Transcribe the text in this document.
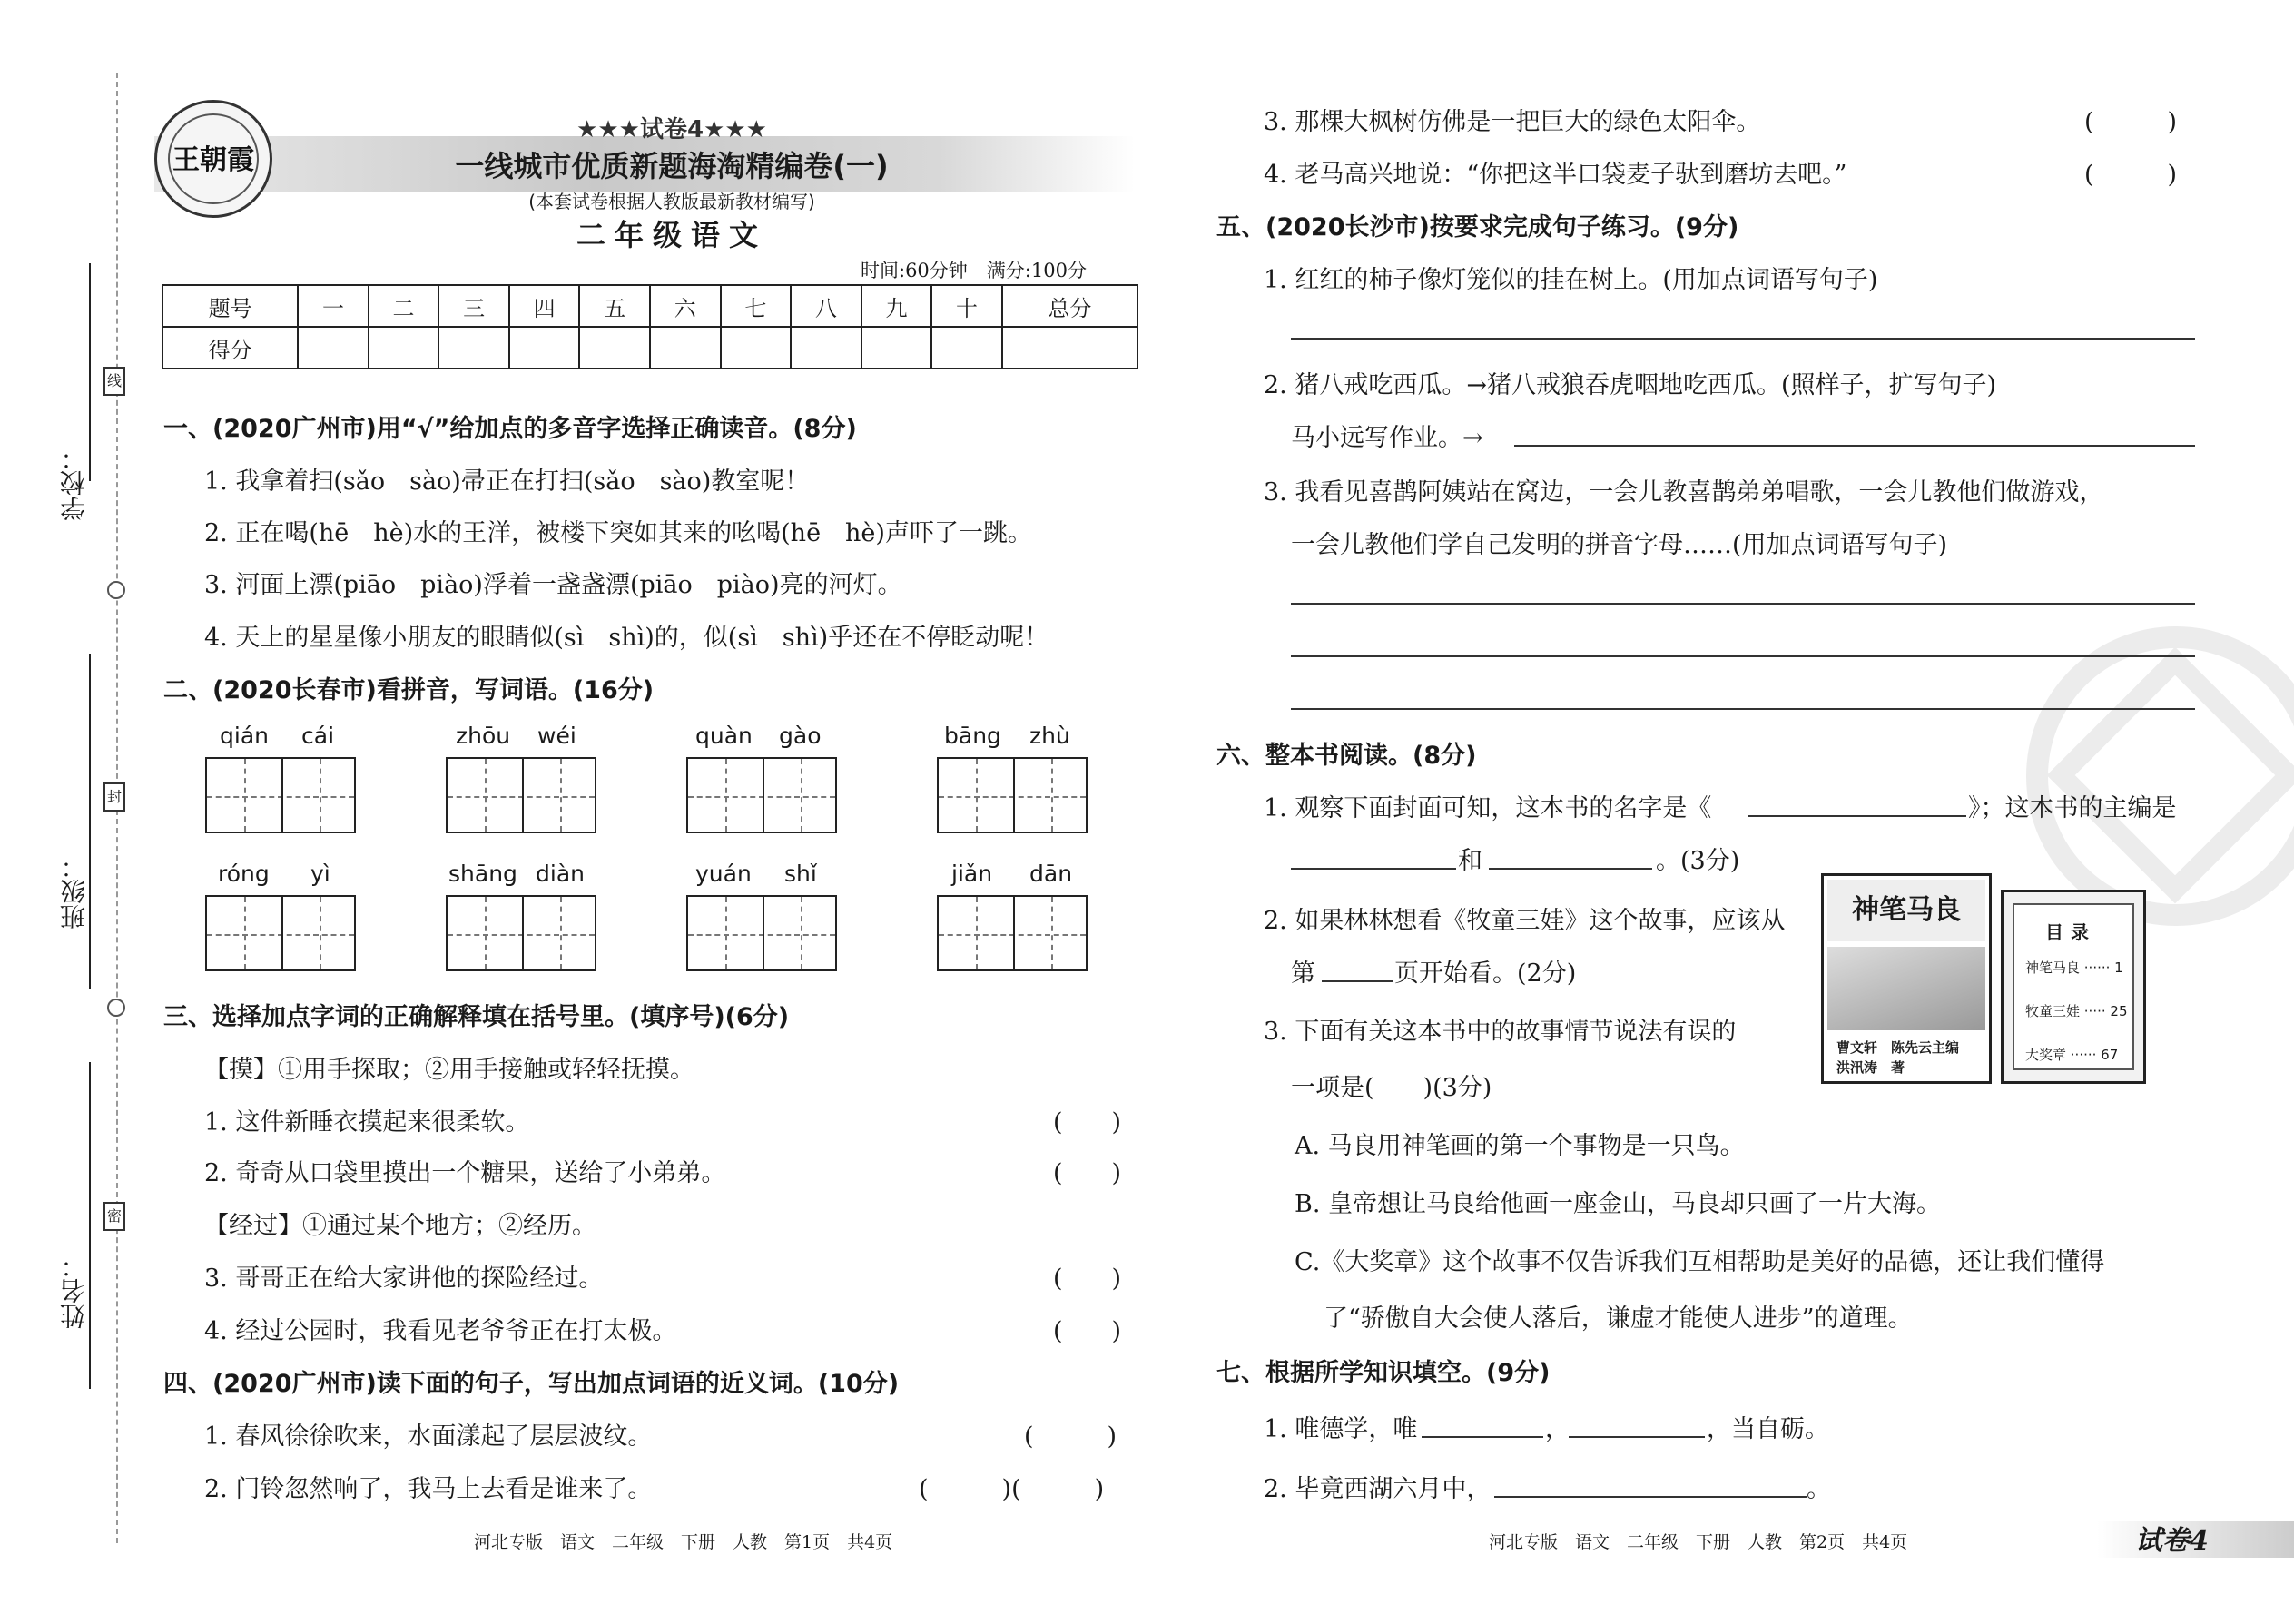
学校：
班级：
姓名：
线
封
密
王朝霞
★★★试卷4★★★
一线城市优质新题海淘精编卷(一)
(本套试卷根据人教版最新教材编写)
二年级语文
时间:60分钟　满分:100分
题号	一	二	三	四	五	六	七	八	九	十	总分
得分											
一、(2020广州市)用“√”给加点的多音字选择正确读音。(8分)
1. 我拿着扫(sǎo　sào)帚正在打扫(sǎo　sào)教室呢！
2. 正在喝(hē　hè)水的王洋，被楼下突如其来的吆喝(hē　hè)声吓了一跳。
3. 河面上漂(piāo　piào)浮着一盏盏漂(piāo　piào)亮的河灯。
4. 天上的星星像小朋友的眼睛似(sì　shì)的，似(sì　shì)乎还在不停眨动呢！
二、(2020长春市)看拼音，写词语。(16分)
qián cái	zhōu wéi	quàn gào	bāng zhù
róng yì	shāng diàn	yuán shǐ	jiǎn dān
三、选择加点字词的正确解释填在括号里。(填序号)(6分)
【摸】①用手探取；②用手接触或轻轻抚摸。
1. 这件新睡衣摸起来很柔软。	(　　)
2. 奇奇从口袋里摸出一个糖果，送给了小弟弟。	(　　)
【经过】①通过某个地方；②经历。
3. 哥哥正在给大家讲他的探险经过。	(　　)
4. 经过公园时，我看见老爷爷正在打太极。	(　　)
四、(2020广州市)读下面的句子，写出加点词语的近义词。(10分)
1. 春风徐徐吹来，水面漾起了层层波纹。	(　　　)
2. 门铃忽然响了，我马上去看是谁来了。	(　　　)(　　　)
河北专版　语文　二年级　下册　人教　第1页　共4页
3. 那棵大枫树仿佛是一把巨大的绿色太阳伞。	(　　　)
4. 老马高兴地说：“你把这半口袋麦子驮到磨坊去吧。”	(　　　)
五、(2020长沙市)按要求完成句子练习。(9分)
1. 红红的柿子像灯笼似的挂在树上。(用加点词语写句子)
2. 猪八戒吃西瓜。→猪八戒狼吞虎咽地吃西瓜。(照样子，扩写句子)
马小远写作业。→
3. 我看见喜鹊阿姨站在窝边，一会儿教喜鹊弟弟唱歌，一会儿教他们做游戏，
一会儿教他们学自己发明的拼音字母……(用加点词语写句子)
六、整本书阅读。(8分)
1. 观察下面封面可知，这本书的名字是《	》；这本书的主编是
和	。(3分)
2. 如果林林想看《牧童三娃》这个故事，应该从
第	页开始看。(2分)
3. 下面有关这本书中的故事情节说法有误的
一项是(　　)(3分)
A. 马良用神笔画的第一个事物是一只鸟。
B. 皇帝想让马良给他画一座金山，马良却只画了一片大海。
C.《大奖章》这个故事不仅告诉我们互相帮助是美好的品德，还让我们懂得
了“骄傲自大会使人落后，谦虚才能使人进步”的道理。
神笔马良
曹文轩　陈先云主编
洪汛涛　著
目录
神笔马良 ······ 1
牧童三娃 ····· 25
大奖章 ······ 67
七、根据所学知识填空。(9分)
1. 唯德学，唯	，	，当自砺。
2. 毕竟西湖六月中，	。
河北专版　语文　二年级　下册　人教　第2页　共4页	试卷4
